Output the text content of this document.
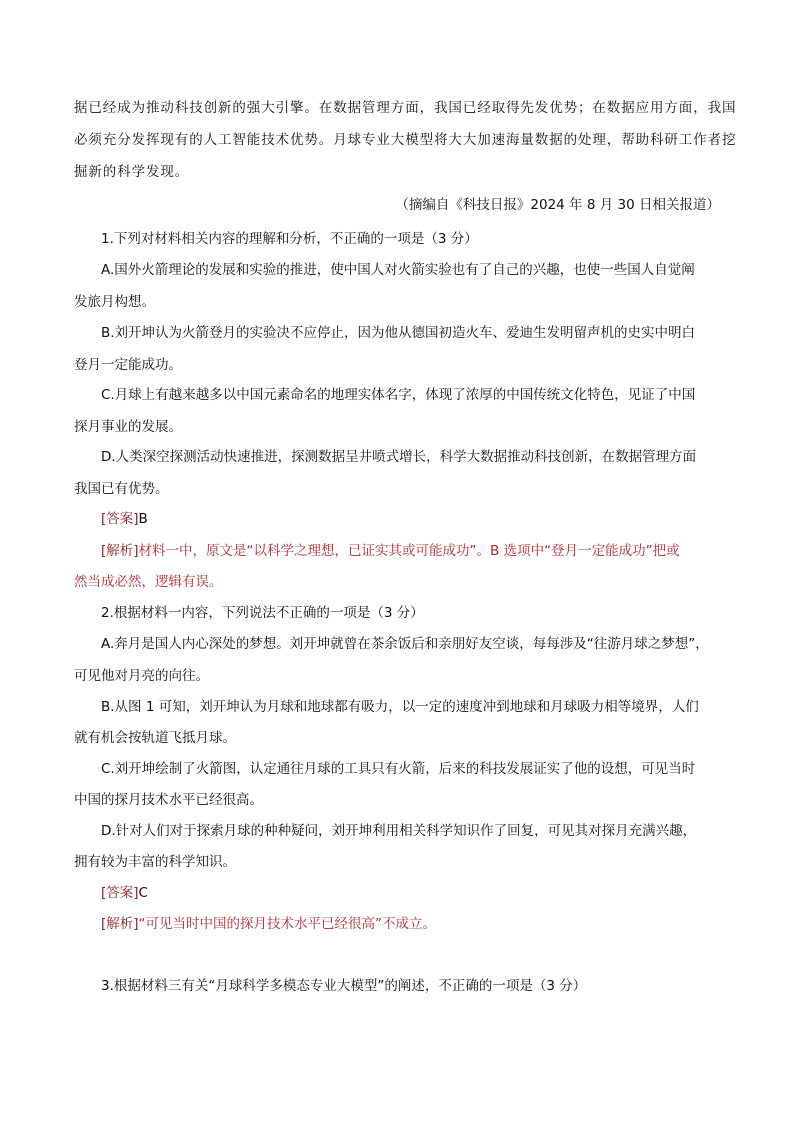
据已经成为推动科技创新的强大引擎。在数据管理方面，我国已经取得先发优势；在数据应用方面，我国
必须充分发挥现有的人工智能技术优势。月球专业大模型将大大加速海量数据的处理，帮助科研工作者挖
掘新的科学发现。
（摘编自《科技日报》2024 年 8 月 30 日相关报道）
1.下列对材料相关内容的理解和分析，不正确的一项是（3 分）
A.国外火箭理论的发展和实验的推进，使中国人对火箭实验也有了自己的兴趣，也使一些国人自觉阐
发旅月构想。
B.刘开坤认为火箭登月的实验决不应停止，因为他从德国初造火车、爱迪生发明留声机的史实中明白
登月一定能成功。
C.月球上有越来越多以中国元素命名的地理实体名字，体现了浓厚的中国传统文化特色，见证了中国
探月事业的发展。
D.人类深空探测活动快速推进，探测数据呈井喷式增长，科学大数据推动科技创新，在数据管理方面
我国已有优势。
[答案]B
[解析]材料一中，原文是“以科学之理想，已证实其或可能成功”。B 选项中“登月一定能成功”把或
然当成必然，逻辑有误。
2.根据材料一内容，下列说法不正确的一项是（3 分）
A.奔月是国人内心深处的梦想。刘开坤就曾在茶余饭后和亲朋好友空谈，每每涉及“往游月球之梦想”，
可见他对月亮的向往。
B.从图 1 可知，刘开坤认为月球和地球都有吸力，以一定的速度冲到地球和月球吸力相等境界，人们
就有机会按轨道飞抵月球。
C.刘开坤绘制了火箭图，认定通往月球的工具只有火箭，后来的科技发展证实了他的设想，可见当时
中国的探月技术水平已经很高。
D.针对人们对于探索月球的种种疑问，刘开坤利用相关科学知识作了回复，可见其对探月充满兴趣，
拥有较为丰富的科学知识。
[答案]C
[解析]“可见当时中国的探月技术水平已经很高”不成立。
3.根据材料三有关“月球科学多模态专业大模型”的阐述，不正确的一项是（3 分）
